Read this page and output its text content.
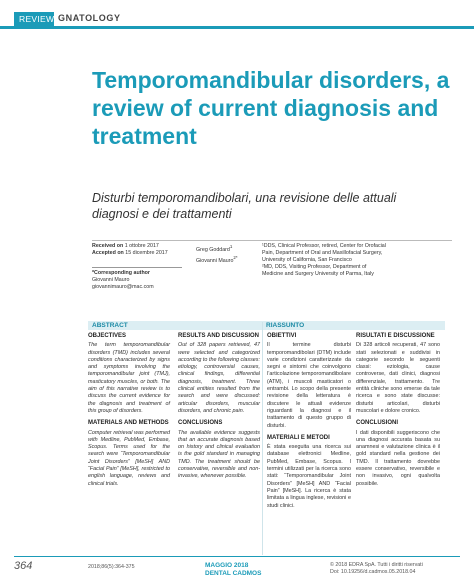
REVIEW GNATOLOGY
Temporomandibular disorders, a review of current diagnosis and treatment

Disturbi temporomandibolari, una revisione delle attuali diagnosi e dei trattamenti

Received on 1 ottobre 2017
Accepted on 15 dicembre 2017
*Corresponding author
Giovanni Mauro
giovannimauro@mac.com
Greg Goddard$^1$
Giovanni Mauro$^{2*}$
¹DDS, Clinical Professor, retired, Center for Orofacial Pain, Department of Oral and Maxillofacial Surgery, University of California, San Francisco
²MD, DDS, Visiting Professor, Department of Medicine and Surgery University of Parma, Italy
ABSTRACT	RIASSUNTO
OBJECTIVES

The term temporomandibular disorders (TMD) includes several conditions characterized by signs and symptoms involving the temporomandibular joint (TMJ), masticatory muscles, or both. The aim of this narrative review is to discuss the current evidence for the diagnosis and treatment of this group of disorders.

MATERIALS AND METHODS

Computer retrieval was performed with Medline, PubMed, Embase, Scopus. Terms used for the search were “Temporomandibular Joint Disorders” [MeSH] AND “Facial Pain” [MeSH], restricted to english language, reviews and clinical trials.

RESULTS AND DISCUSSION

Out of 328 papers retrieved, 47 were selected and categorized according to the following classes: etiology, controversial causes, clinical findings, differential diagnosis, treatment. Three clinical entities resulted from the search and were discussed: articular disorders, muscular disorders, and chronic pain.

CONCLUSIONS

The available evidence suggests that an accurate diagnosis based on history and clinical evaluation is the gold standard in managing TMD. The treatment should be conservative, reversible and non-invasive, whenever possible.

OBIETTIVI

Il termine disturbi temporomandibolari (DTM) include varie condizioni caratterizzate da segni e sintomi che coinvolgono l’articolazione temporomandibolare (ATM), i muscoli masticatori o entrambi. Lo scopo della presente revisione della letteratura è discutere le attuali evidenze riguardanti la diagnosi e il trattamento di questo gruppo di disturbi.

MATERIALI E METODI

È stata eseguita una ricerca sui database elettronici Medline, PubMed, Embase, Scopus. I termini utilizzati per la ricerca sono stati: “Temporomandibular Joint Disorders” [MeSH] AND “Facial Pain” [MeSH]. La ricerca è stata limitata a lingua inglese, revisioni e studi clinici.

RISULTATI E DISCUSSIONE

Di 328 articoli recuperati, 47 sono stati selezionati e suddivisi in categorie secondo le seguenti classi: eziologia, cause controverse, dati clinici, diagnosi differenziale, trattamento. Tre entità cliniche sono emerse da tale ricerca e sono state discusse: disturbi articolari, disturbi muscolari e dolore cronico.

CONCLUSIONI

I dati disponibili suggeriscono che una diagnosi accurata basata su anamnesi e valutazione clinica è il gold standard nella gestione dei TMD. Il trattamento dovrebbe essere conservativo, reversibile e non invasivo, ogni qualvolta possibile.

364	2018;86(5):364-375	MAGGIO 2018
DENTAL CADMOS
© 2018 EDRA SpA. Tutti i diritti riservati
Doi: 10.19256/d.cadmos.05.2018.04
